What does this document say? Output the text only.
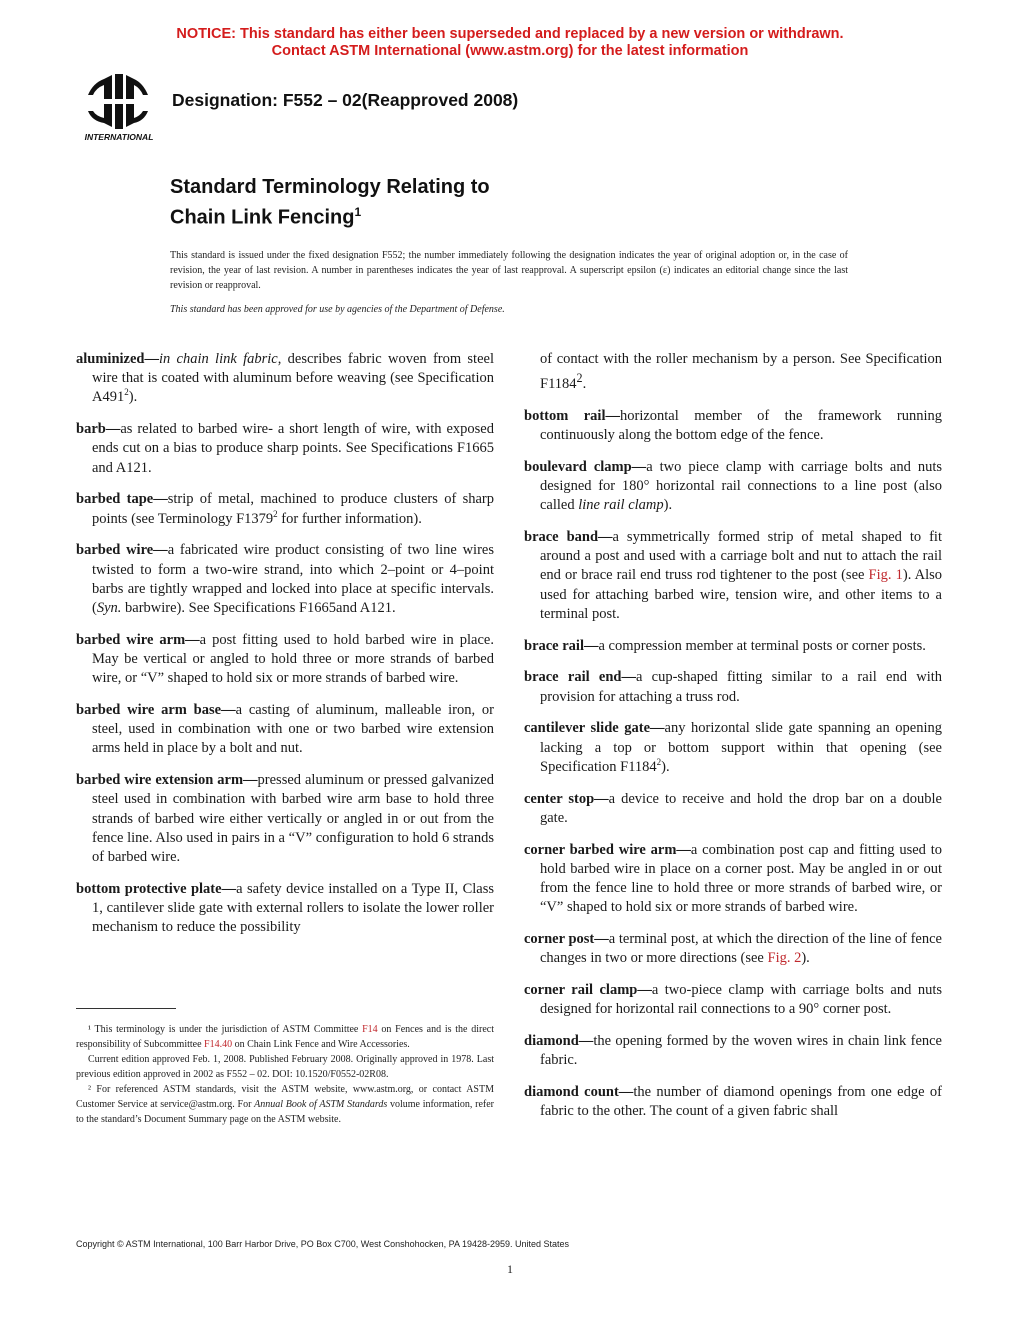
NOTICE: This standard has either been superseded and replaced by a new version or withdrawn.
Contact ASTM International (www.astm.org) for the latest information
INTERNATIONAL
Designation: F552 – 02(Reapproved 2008)
Standard Terminology Relating to
Chain Link Fencing$^1$
This standard is issued under the fixed designation F552; the number immediately following the designation indicates the year of original adoption or, in the case of revision, the year of last revision. A number in parentheses indicates the year of last reapproval. A superscript epsilon (ε) indicates an editorial change since the last revision or reapproval.
This standard has been approved for use by agencies of the Department of Defense.

aluminized—in chain link fabric, describes fabric woven from steel wire that is coated with aluminum before weaving (see Specification $A491^2$).

barb—as related to barbed wire- a short length of wire, with exposed ends cut on a bias to produce sharp points. See Specifications F1665 and A121.

barbed tape—strip of metal, machined to produce clusters of sharp points (see Terminology F1379$^2$ for further information).

barbed wire—a fabricated wire product consisting of two line wires twisted to form a two-wire strand, into which 2–point or 4–point barbs are tightly wrapped and locked into place at specific intervals. (Syn. barbwire). See Specifications F1665and A121.

barbed wire arm—a post fitting used to hold barbed wire in place. May be vertical or angled to hold three or more strands of barbed wire, or “V” shaped to hold six or more strands of barbed wire.

barbed wire arm base—a casting of aluminum, malleable iron, or steel, used in combination with one or two barbed wire extension arms held in place by a bolt and nut.

barbed wire extension arm—pressed aluminum or pressed galvanized steel used in combination with barbed wire arm base to hold three strands of barbed wire either vertically or angled in or out from the fence line. Also used in pairs in a “V” configuration to hold 6 strands of barbed wire.

bottom protective plate—a safety device installed on a Type II, Class 1, cantilever slide gate with external rollers to isolate the lower roller mechanism to reduce the possibility

of contact with the roller mechanism by a person. See Specification F1184$^2$.

bottom rail—horizontal member of the framework running continuously along the bottom edge of the fence.

boulevard clamp—a two piece clamp with carriage bolts and nuts designed for 180° horizontal rail connections to a line post (also called line rail clamp).

brace band—a symmetrically formed strip of metal shaped to fit around a post and used with a carriage bolt and nut to attach the rail end or brace rail end truss rod tightener to the post (see Fig. 1). Also used for attaching barbed wire, tension wire, and other items to a terminal post.

brace rail—a compression member at terminal posts or corner posts.

brace rail end—a cup-shaped fitting similar to a rail end with provision for attaching a truss rod.

cantilever slide gate—any horizontal slide gate spanning an opening lacking a top or bottom support within that opening (see Specification F1184$^2$).

center stop—a device to receive and hold the drop bar on a double gate.

corner barbed wire arm—a combination post cap and fitting used to hold barbed wire in place on a corner post. May be angled in or out from the fence line to hold three or more strands of barbed wire, or “V” shaped to hold six or more strands of barbed wire.

corner post—a terminal post, at which the direction of the line of fence changes in two or more directions (see Fig. 2).

corner rail clamp—a two-piece clamp with carriage bolts and nuts designed for horizontal rail connections to a 90° corner post.

diamond—the opening formed by the woven wires in chain link fence fabric.

diamond count—the number of diamond openings from one edge of fabric to the other. The count of a given fabric shall

¹ This terminology is under the jurisdiction of ASTM Committee F14 on Fences and is the direct responsibility of Subcommittee F14.40 on Chain Link Fence and Wire Accessories.

Current edition approved Feb. 1, 2008. Published February 2008. Originally approved in 1978. Last previous edition approved in 2002 as F552 – 02. DOI: 10.1520/F0552-02R08.

² For referenced ASTM standards, visit the ASTM website, www.astm.org, or contact ASTM Customer Service at service@astm.org. For Annual Book of ASTM Standards volume information, refer to the standard’s Document Summary page on the ASTM website.

Copyright © ASTM International, 100 Barr Harbor Drive, PO Box C700, West Conshohocken, PA 19428-2959. United States
1
